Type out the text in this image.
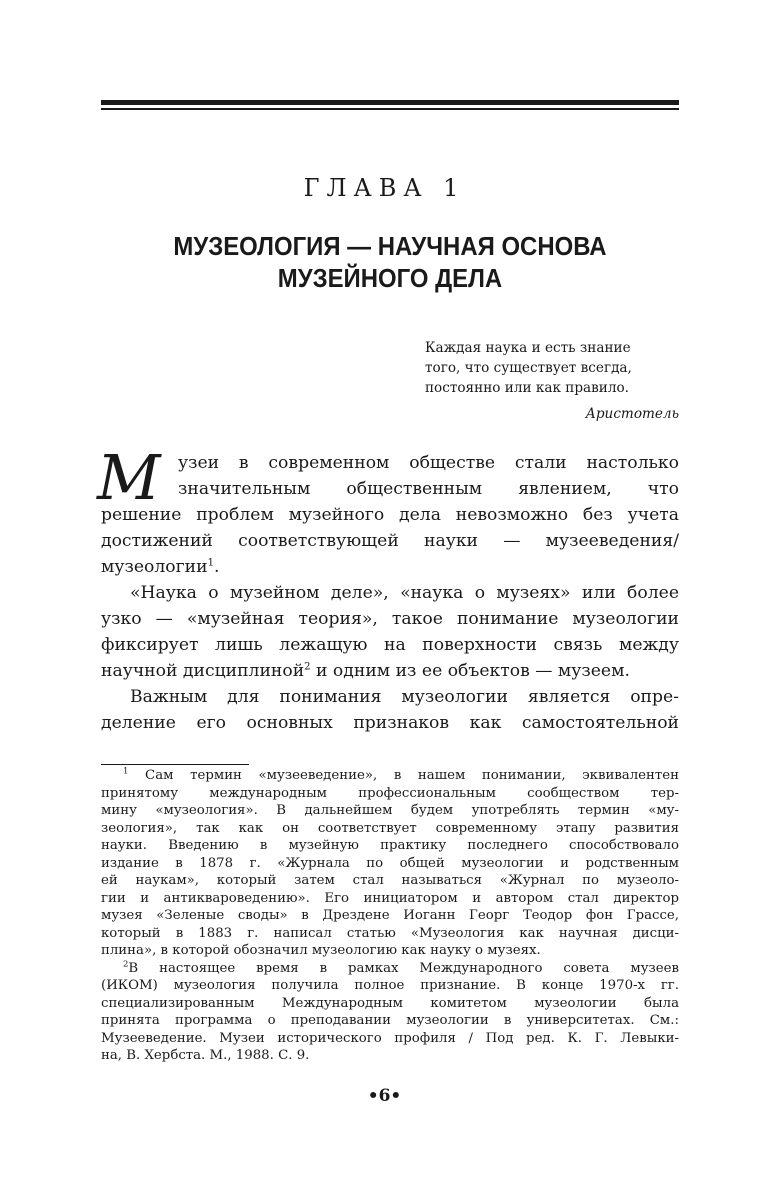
ГЛАВА 1
МУЗЕОЛОГИЯ — НАУЧНАЯ ОСНОВА
МУЗЕЙНОГО ДЕЛА
Каждая наука и есть знание
того, что существует всегда,
постоянно или как правило.
Аристотель
М	узеи в современном обществе стали настолько
значительным общественным явлением, что
решение проблем музейного дела невозможно без учета
достижений соответствующей науки — музееведения/
музеологии$^1$.
«Наука о музейном деле», «наука о музеях» или более
узко — «музейная теория», такое понимание музеологии
фиксирует лишь лежащую на поверхности связь между
научной дисциплиной$^2$ и одним из ее объектов — музеем.
Важным для понимания музеологии является опре-
деление его основных признаков как самостоятельной
$^1$ Сам термин «музееведение», в нашем понимании, эквивалентен
принятому международным профессиональным сообществом тер-
мину «музеология». В дальнейшем будем употреблять термин «му-
зеология», так как он соответствует современному этапу развития
науки. Введению в музейную практику последнего способствовало
издание в 1878 г. «Журнала по общей музеологии и родственным
ей наукам», который затем стал называться «Журнал по музеоло-
гии и антиквароведению». Его инициатором и автором стал директор
музея «Зеленые своды» в Дрездене Иоганн Георг Теодор фон Грассе,
который в 1883 г. написал статью «Музеология как научная дисци-
плина», в которой обозначил музеологию как науку о музеях.
$^2$В настоящее время в рамках Международного совета музеев
(ИКОМ) музеология получила полное признание. В конце 1970-х гг.
специализированным Международным комитетом музеологии была
принята программа о преподавании музеологии в университетах. См.:
Музееведение. Музеи исторического профиля / Под ред. К. Г. Левыки-
на, В. Хербста. М., 1988. С. 9.
•6•
